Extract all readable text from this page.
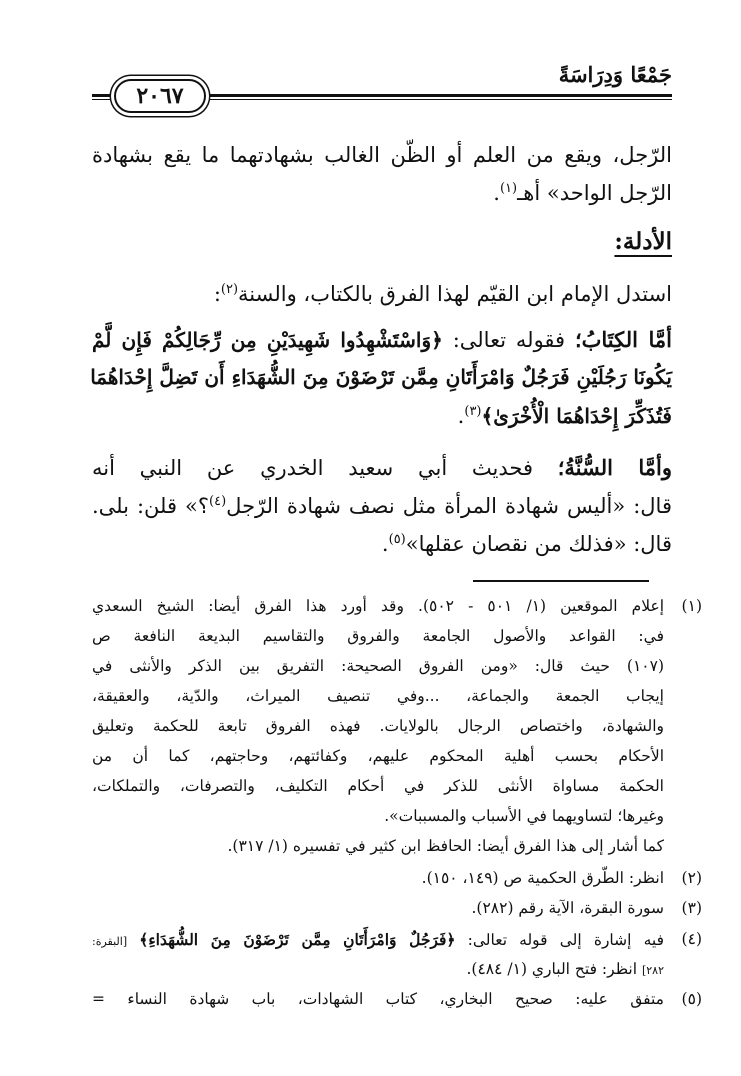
جَمْعًا وَدِرَاسَةً
٢٠٦٧
الرّجل، ويقع من العلم أو الظّن الغالب بشهادتهما ما يقع بشهادة
الرّجل الواحد» أهـ$^{(١)}$.
الأدلة:
استدل الإمام ابن القيّم لهذا الفرق بالكتاب، والسنة$^{(٢)}$:
أمَّا الكِتَابُ؛ فقوله تعالى: ﴿وَاسْتَشْهِدُوا شَهِيدَيْنِ مِن رِّجَالِكُمْ فَإِن لَّمْ
يَكُونَا رَجُلَيْنِ فَرَجُلٌ وَامْرَأَتَانِ مِمَّن تَرْضَوْنَ مِنَ الشُّهَدَاءِ أَن تَضِلَّ إِحْدَاهُمَا
فَتُذَكِّرَ إِحْدَاهُمَا الْأُخْرَىٰ﴾$^{(٣)}$.
وأمَّا السُّنَّةُ؛ فحديث أبي سعيد الخدري عن النبي أنه
قال: «أليس شهادة المرأة مثل نصف شهادة الرّجل$^{(٤)}$؟» قلن: بلى.
قال: «فذلك من نقصان عقلها»$^{(٥)}$.
(١)
إعلام الموقعين (١/ ٥٠١ - ٥٠٢). وقد أورد هذا الفرق أيضا: الشيخ السعدي
في: القواعد والأصول الجامعة والفروق والتقاسيم البديعة النافعة ص
(١٠٧) حيث قال: «ومن الفروق الصحيحة: التفريق بين الذكر والأنثى في
إيجاب الجمعة والجماعة، ...وفي تنصيف الميراث، والدّية، والعقيقة،
والشهادة، واختصاص الرجال بالولايات. فهذه الفروق تابعة للحكمة وتعليق
الأحكام بحسب أهلية المحكوم عليهم، وكفائتهم، وحاجتهم، كما أن من
الحكمة مساواة الأنثى للذكر في أحكام التكليف، والتصرفات، والتملكات،
وغيرها؛ لتساويهما في الأسباب والمسببات».
كما أشار إلى هذا الفرق أيضا: الحافظ ابن كثير في تفسيره (١/ ٣١٧).
(٢)
انظر: الطّرق الحكمية ص (١٤٩، ١٥٠).
(٣)
سورة البقرة، الآية رقم (٢٨٢).
(٤)
فيه إشارة إلى قوله تعالى: ﴿فَرَجُلٌ وَامْرَأَتَانِ مِمَّن تَرْضَوْنَ مِنَ الشُّهَدَاءِ﴾ [البقرة:
٢٨٢] انظر: فتح الباري (١/ ٤٨٤).
(٥)
متفق عليه: صحيح البخاري، كتاب الشهادات، باب شهادة النساء =
